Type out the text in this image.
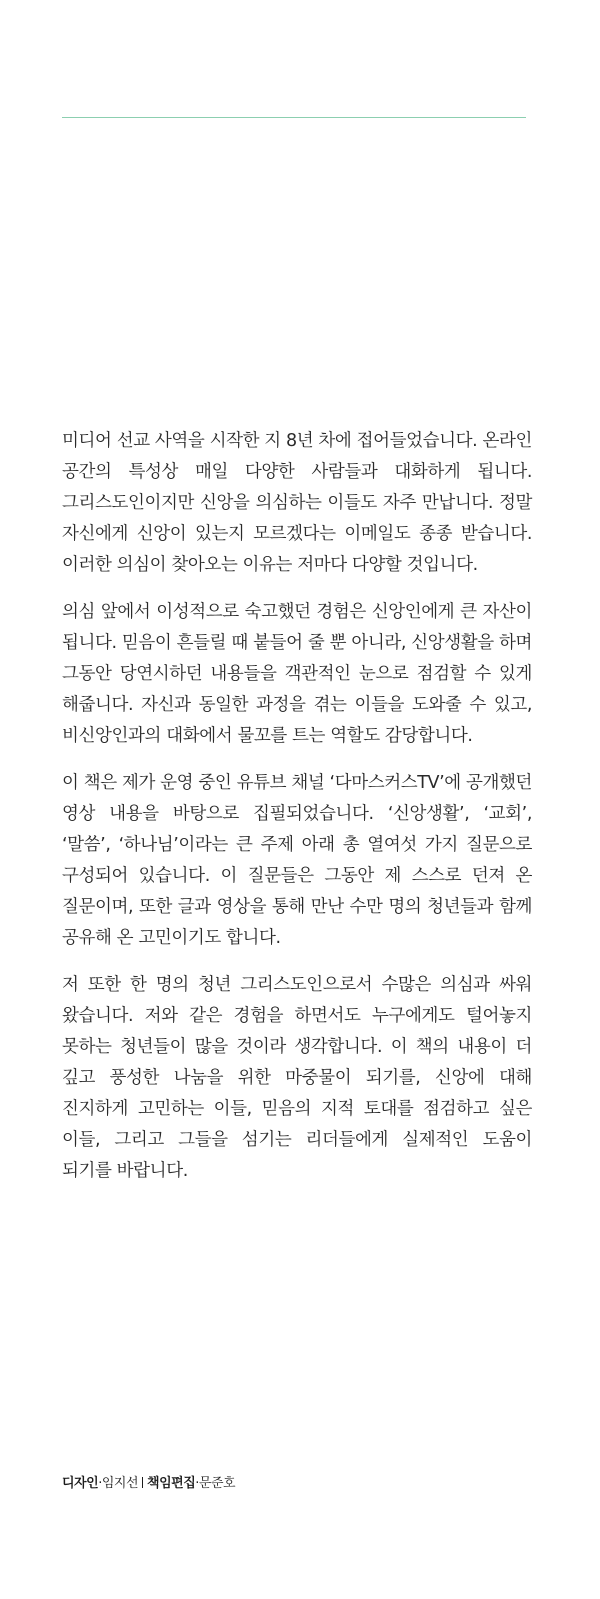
미디어 선교 사역을 시작한 지 8년 차에 접어들었습니다. 온라인 공간의 특성상 매일 다양한 사람들과 대화하게 됩니다. 그리스도인이지만 신앙을 의심하는 이들도 자주 만납니다. 정말 자신에게 신앙이 있는지 모르겠다는 이메일도 종종 받습니다. 이러한 의심이 찾아오는 이유는 저마다 다양할 것입니다.

의심 앞에서 이성적으로 숙고했던 경험은 신앙인에게 큰 자산이 됩니다. 믿음이 흔들릴 때 붙들어 줄 뿐 아니라, 신앙생활을 하며 그동안 당연시하던 내용들을 객관적인 눈으로 점검할 수 있게 해줍니다. 자신과 동일한 과정을 겪는 이들을 도와줄 수 있고, 비신앙인과의 대화에서 물꼬를 트는 역할도 감당합니다.

이 책은 제가 운영 중인 유튜브 채널 ‘다마스커스TV’에 공개했던 영상 내용을 바탕으로 집필되었습니다. ‘신앙생활’, ‘교회’, ‘말씀’, ‘하나님’이라는 큰 주제 아래 총 열여섯 가지 질문으로 구성되어 있습니다. 이 질문들은 그동안 제 스스로 던져 온 질문이며, 또한 글과 영상을 통해 만난 수만 명의 청년들과 함께 공유해 온 고민이기도 합니다.

저 또한 한 명의 청년 그리스도인으로서 수많은 의심과 싸워 왔습니다. 저와 같은 경험을 하면서도 누구에게도 털어놓지 못하는 청년들이 많을 것이라 생각합니다. 이 책의 내용이 더 깊고 풍성한 나눔을 위한 마중물이 되기를, 신앙에 대해 진지하게 고민하는 이들, 믿음의 지적 토대를 점검하고 싶은 이들, 그리고 그들을 섬기는 리더들에게 실제적인 도움이 되기를 바랍니다.

디자인·임지선 책임편집·문준호
